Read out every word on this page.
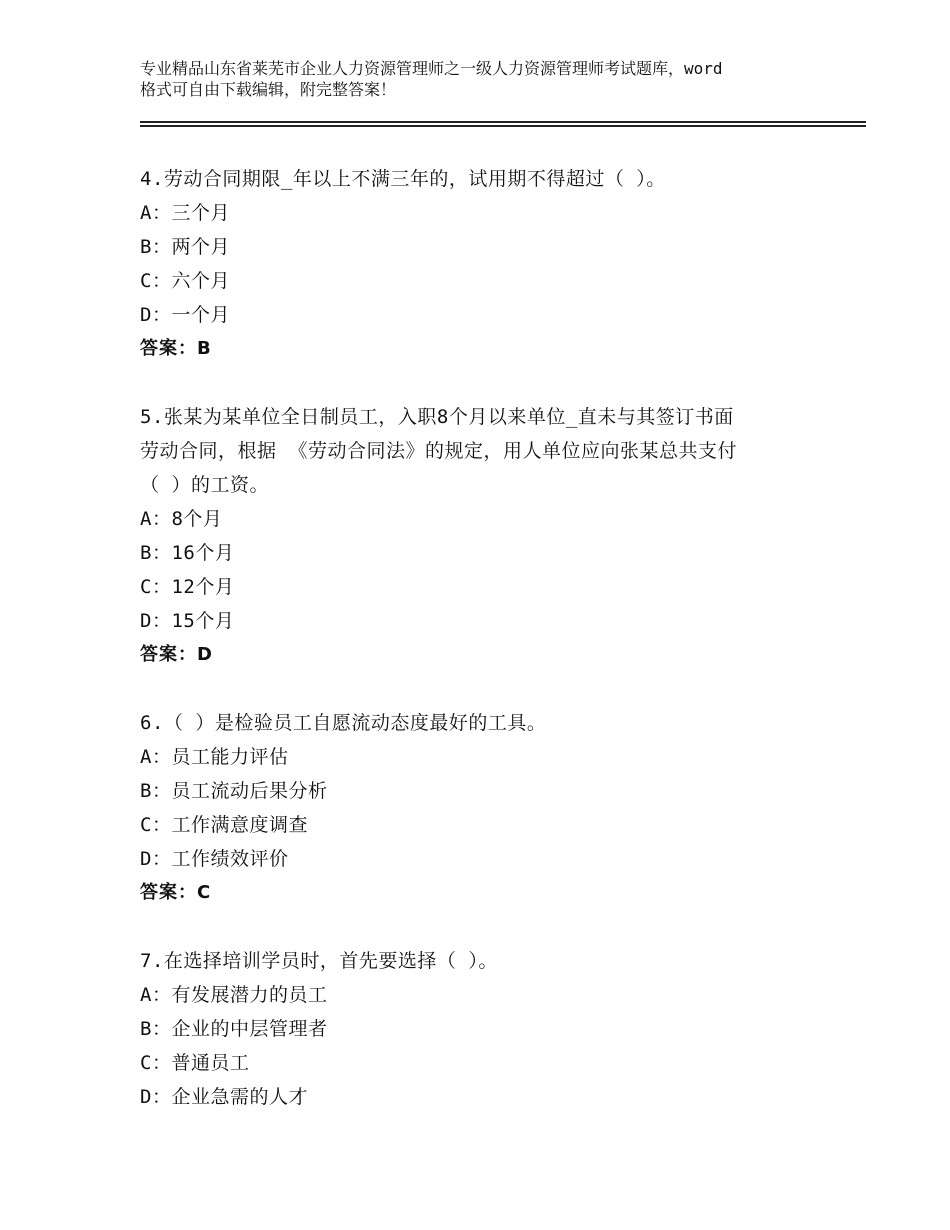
专业精品山东省莱芜市企业人力资源管理师之一级人力资源管理师考试题库，word
格式可自由下载编辑，附完整答案！
4.劳动合同期限_年以上不满三年的，试用期不得超过（ ）。
A：三个月
B：两个月
C：六个月
D：一个月
答案：B
5.张某为某单位全日制员工，入职8个月以来单位_直未与其签订书面
劳动合同，根据 《劳动合同法》的规定，用人单位应向张某总共支付
（ ）的工资。
A：8个月
B：16个月
C：12个月
D：15个月
答案：D
6.（ ）是检验员工自愿流动态度最好的工具。
A：员工能力评估
B：员工流动后果分析
C：工作满意度调查
D：工作绩效评价
答案：C
7.在选择培训学员时，首先要选择（ ）。
A：有发展潜力的员工
B：企业的中层管理者
C：普通员工
D：企业急需的人才
